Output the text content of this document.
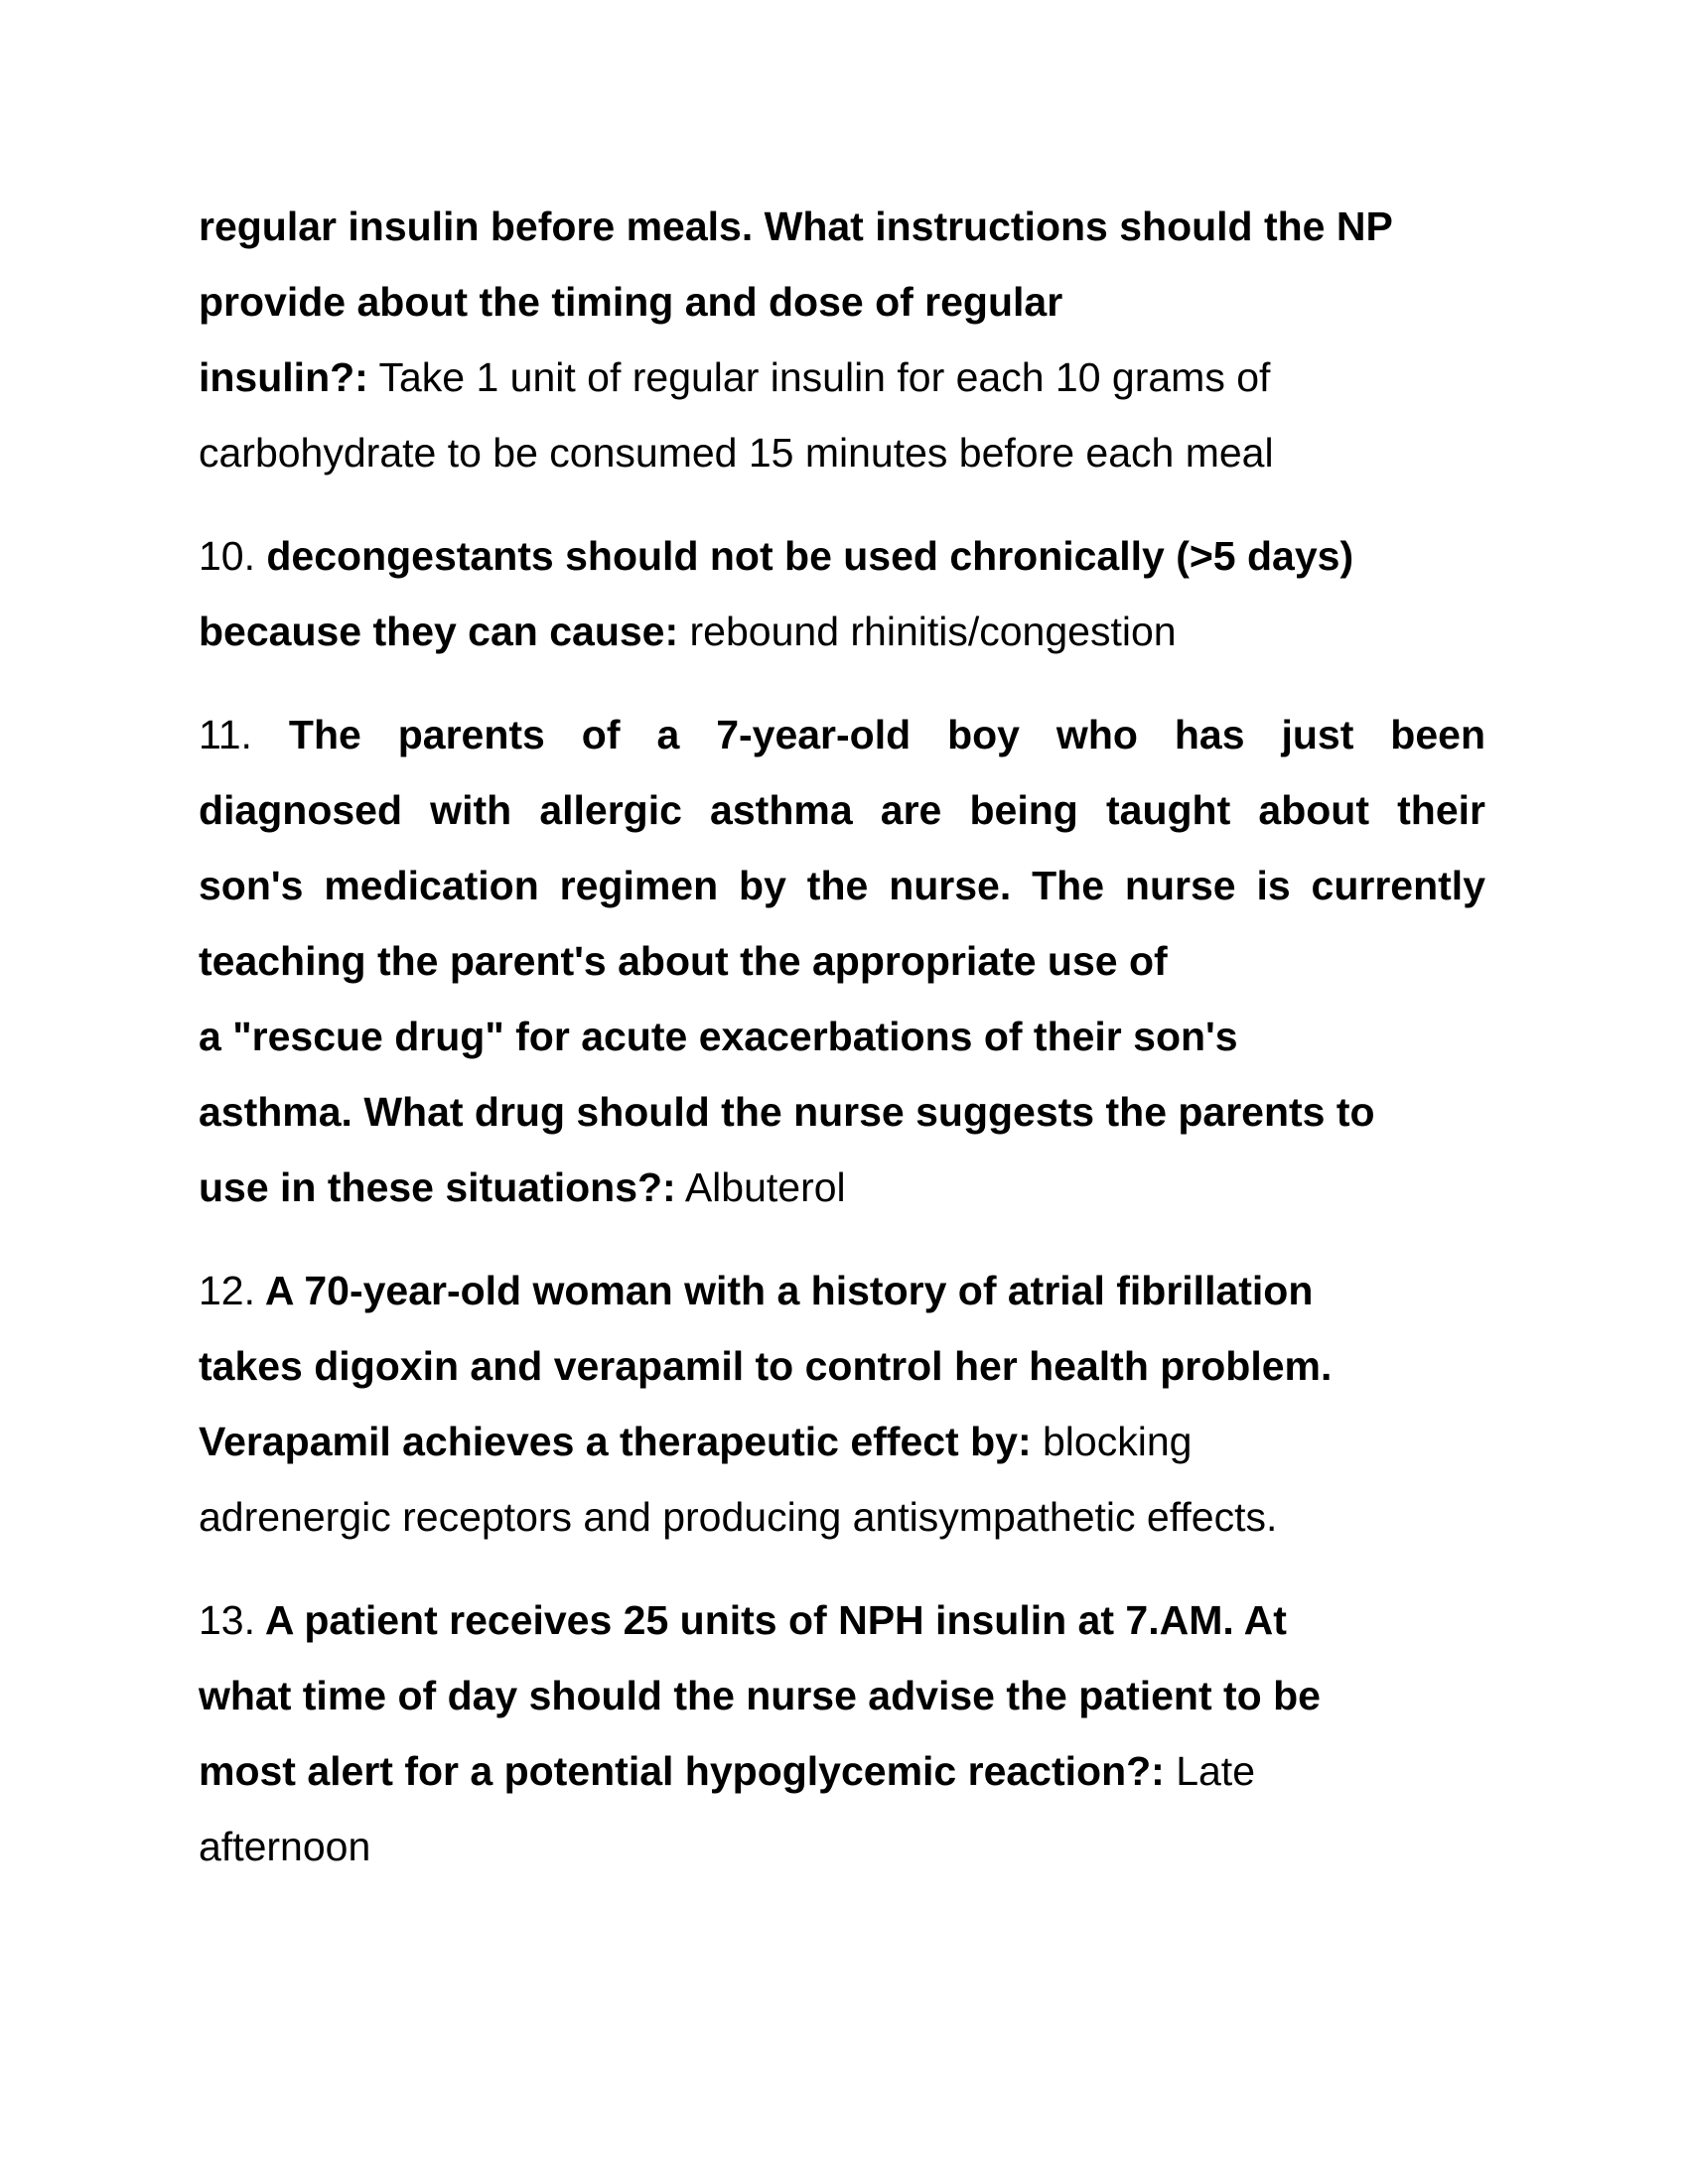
regular insulin before meals. What instructions should the NP
provide about the timing and dose of regular
insulin?: Take 1 unit of regular insulin for each 10 grams of
carbohydrate to be consumed 15 minutes before each meal

10. decongestants should not be used chronically (>5 days)
because they can cause: rebound rhinitis/congestion

11. The parents of a 7-year-old boy who has just been
diagnosed with allergic asthma are being taught about their
son's medication regimen by the nurse. The nurse is currently
teaching the parent's about the appropriate use of
a "rescue drug" for acute exacerbations of their son's
asthma. What drug should the nurse suggests the parents to
use in these situations?: Albuterol

12. A 70-year-old woman with a history of atrial fibrillation
takes digoxin and verapamil to control her health problem.
Verapamil achieves a therapeutic effect by: blocking
adrenergic receptors and producing antisympathetic effects.

13. A patient receives 25 units of NPH insulin at 7.AM. At
what time of day should the nurse advise the patient to be
most alert for a potential hypoglycemic reaction?: Late
afternoon
